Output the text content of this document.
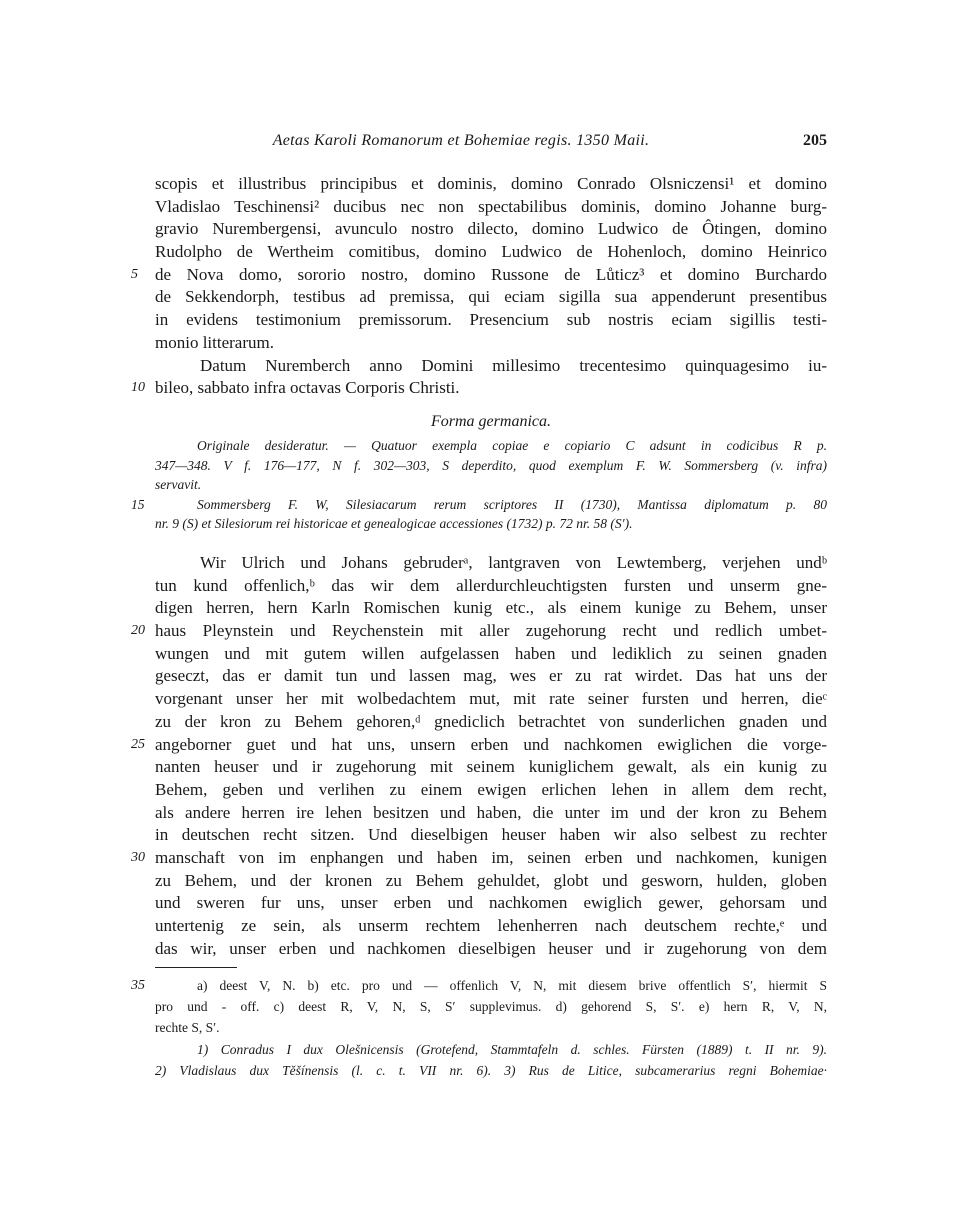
Aetas Karoli Romanorum et Bohemiae regis. 1350 Maii.	205
scopis et illustribus principibus et dominis, domino Conrado Olsniczensi¹ et domino
Vladislao Teschinensi² ducibus nec non spectabilibus dominis, domino Johanne burg-
gravio Nurembergensi, avunculo nostro dilecto, domino Ludwico de Ôtingen, domino
Rudolpho de Wertheim comitibus, domino Ludwico de Hohenloch, domino Heinrico
5 de Nova domo, sororio nostro, domino Russone de Lůticz³ et domino Burchardo
de Sekkendorph, testibus ad premissa, qui eciam sigilla sua appenderunt presentibus
in evidens testimonium premissorum. Presencium sub nostris eciam sigillis testi-
monio litterarum.
Datum Nuremberch anno Domini millesimo trecentesimo quinquagesimo iu-
10 bileo, sabbato infra octavas Corporis Christi.
Forma germanica.
Originale desideratur. — Quatuor exempla copiae e copiario C adsunt in codicibus R p.
347—348. V f. 176—177, N f. 302—303, S deperdito, quod exemplum F. W. Sommersberg (v. infra)
servavit.
15	Sommersberg F. W, Silesiacarum rerum scriptores II (1730), Mantissa diplomatum p. 80
nr. 9 (S) et Silesiorum rei historicae et genealogicae accessiones (1732) p. 72 nr. 58 (S′).
Wir Ulrich und Johans gebruderᵃ, lantgraven von Lewtemberg, verjehen undᵇ
tun kund offenlich,ᵇ das wir dem allerdurchleuchtigsten fursten und unserm gne-
digen herren, hern Karln Romischen kunig etc., als einem kunige zu Behem, unser
20 haus Pleynstein und Reychenstein mit aller zugehorung recht und redlich umbet-
wungen und mit gutem willen aufgelassen haben und lediklich zu seinen gnaden
geseczt, das er damit tun und lassen mag, wes er zu rat wirdet. Das hat uns der
vorgenant unser her mit wolbedachtem mut, mit rate seiner fursten und herren, dieᶜ
zu der kron zu Behem gehoren,ᵈ gnediclich betrachtet von sunderlichen gnaden und
25 angeborner guet und hat uns, unsern erben und nachkomen ewiglichen die vorge-
nanten heuser und ir zugehorung mit seinem kuniglichem gewalt, als ein kunig zu
Behem, geben und verlihen zu einem ewigen erlichen lehen in allem dem recht,
als andere herren ire lehen besitzen und haben, die unter im und der kron zu Behem
in deutschen recht sitzen. Und dieselbigen heuser haben wir also selbest zu rechter
30 manschaft von im enphangen und haben im, seinen erben und nachkomen, kunigen
zu Behem, und der kronen zu Behem gehuldet, globt und gesworn, hulden, globen
und sweren fur uns, unser erben und nachkomen ewiglich gewer, gehorsam und
untertenig ze sein, als unserm rechtem lehenherren nach deutschem rechte,ᵉ und
das wir, unser erben und nachkomen dieselbigen heuser und ir zugehorung von dem
35	a) deest V, N. b) etc. pro und — offenlich V, N, mit diesem brive offentlich S′, hiermit S
pro und - off. c) deest R, V, N, S, S′ supplevimus. d) gehorend S, S′. e) hern R, V, N,
rechte S, S′.
1) Conradus I dux Olešnicensis (Grotefend, Stammtafeln d. schles. Fürsten (1889) t. II nr. 9).
2) Vladislaus dux Těšínensis (l. c. t. VII nr. 6). 3) Rus de Litice, subcamerarius regni Bohemiae·
